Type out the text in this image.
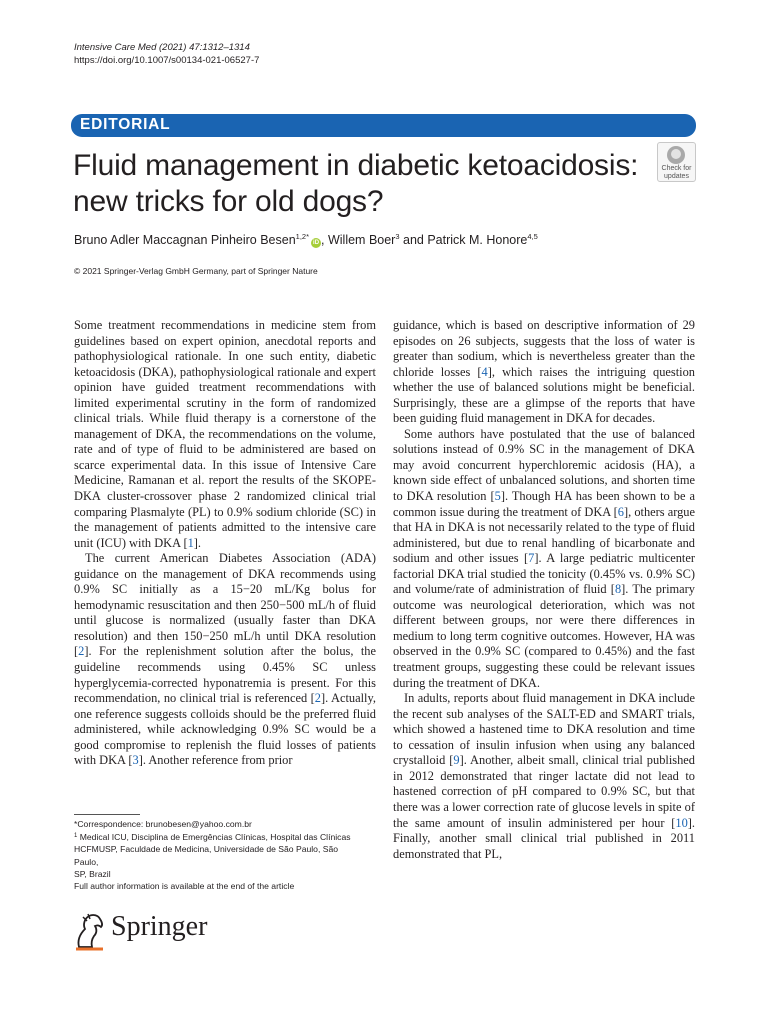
Intensive Care Med (2021) 47:1312–1314
https://doi.org/10.1007/s00134-021-06527-7
EDITORIAL
Fluid management in diabetic ketoacidosis:
new tricks for old dogs?
Check for
updates
Bruno Adler Maccagnan Pinheiro Besen$^{1,2*}$iD , Willem Boer$^3$ and Patrick M. Honore$^{4,5}$
© 2021 Springer-Verlag GmbH Germany, part of Springer Nature

Some treatment recommendations in medicine stem from guidelines based on expert opinion, anecdotal reports and pathophysiological rationale. In one such entity, diabetic ketoacidosis (DKA), pathophysiological rationale and expert opinion have guided treatment recommendations with limited experimental scrutiny in the form of randomized clinical trials. While fluid therapy is a cornerstone of the management of DKA, the recommendations on the volume, rate and of type of fluid to be administered are based on scarce experimental data. In this issue of Intensive Care Medicine, Ramanan et al. report the results of the SKOPE-DKA cluster-crossover phase 2 randomized clinical trial comparing Plasmalyte (PL) to 0.9% sodium chloride (SC) in the management of patients admitted to the intensive care unit (ICU) with DKA [1].

The current American Diabetes Association (ADA) guidance on the management of DKA recommends using 0.9% SC initially as a 15−20 mL/Kg bolus for hemodynamic resuscitation and then 250−500 mL/h of fluid until glucose is normalized (usually faster than DKA resolution) and then 150−250 mL/h until DKA resolution [2]. For the replenishment solution after the bolus, the guideline recommends using 0.45% SC unless hyperglycemia-corrected hyponatremia is present. For this recommendation, no clinical trial is referenced [2]. Actually, one reference suggests colloids should be the preferred fluid administered, while acknowledging 0.9% SC would be a good compromise to replenish the fluid losses of patients with DKA [3]. Another reference from prior

guidance, which is based on descriptive information of 29 episodes on 26 subjects, suggests that the loss of water is greater than sodium, which is nevertheless greater than the chloride losses [4], which raises the intriguing question whether the use of balanced solutions might be beneficial. Surprisingly, these are a glimpse of the reports that have been guiding fluid management in DKA for decades.

Some authors have postulated that the use of balanced solutions instead of 0.9% SC in the management of DKA may avoid concurrent hyperchloremic acidosis (HA), a known side effect of unbalanced solutions, and shorten time to DKA resolution [5]. Though HA has been shown to be a common issue during the treatment of DKA [6], others argue that HA in DKA is not necessarily related to the type of fluid administered, but due to renal handling of bicarbonate and sodium and other issues [7]. A large pediatric multicenter factorial DKA trial studied the tonicity (0.45% vs. 0.9% SC) and volume/rate of administration of fluid [8]. The primary outcome was neurological deterioration, which was not different between groups, nor were there differences in medium to long term cognitive outcomes. However, HA was observed in the 0.9% SC (compared to 0.45%) and the fast treatment groups, suggesting these could be relevant issues during the treatment of DKA.

In adults, reports about fluid management in DKA include the recent sub analyses of the SALT-ED and SMART trials, which showed a hastened time to DKA resolution and time to cessation of insulin infusion when using any balanced crystalloid [9]. Another, albeit small, clinical trial published in 2012 demonstrated that ringer lactate did not lead to hastened correction of pH compared to 0.9% SC, but that there was a lower correction rate of glucose levels in spite of the same amount of insulin administered per hour [10]. Finally, another small clinical trial published in 2011 demonstrated that PL,

*Correspondence: brunobesen@yahoo.com.br
$^1$ Medical ICU, Disciplina de Emergências Clínicas, Hospital das Clínicas
HCFMUSP, Faculdade de Medicina, Universidade de São Paulo, São Paulo,
SP, Brazil
Full author information is available at the end of the article
Springer
